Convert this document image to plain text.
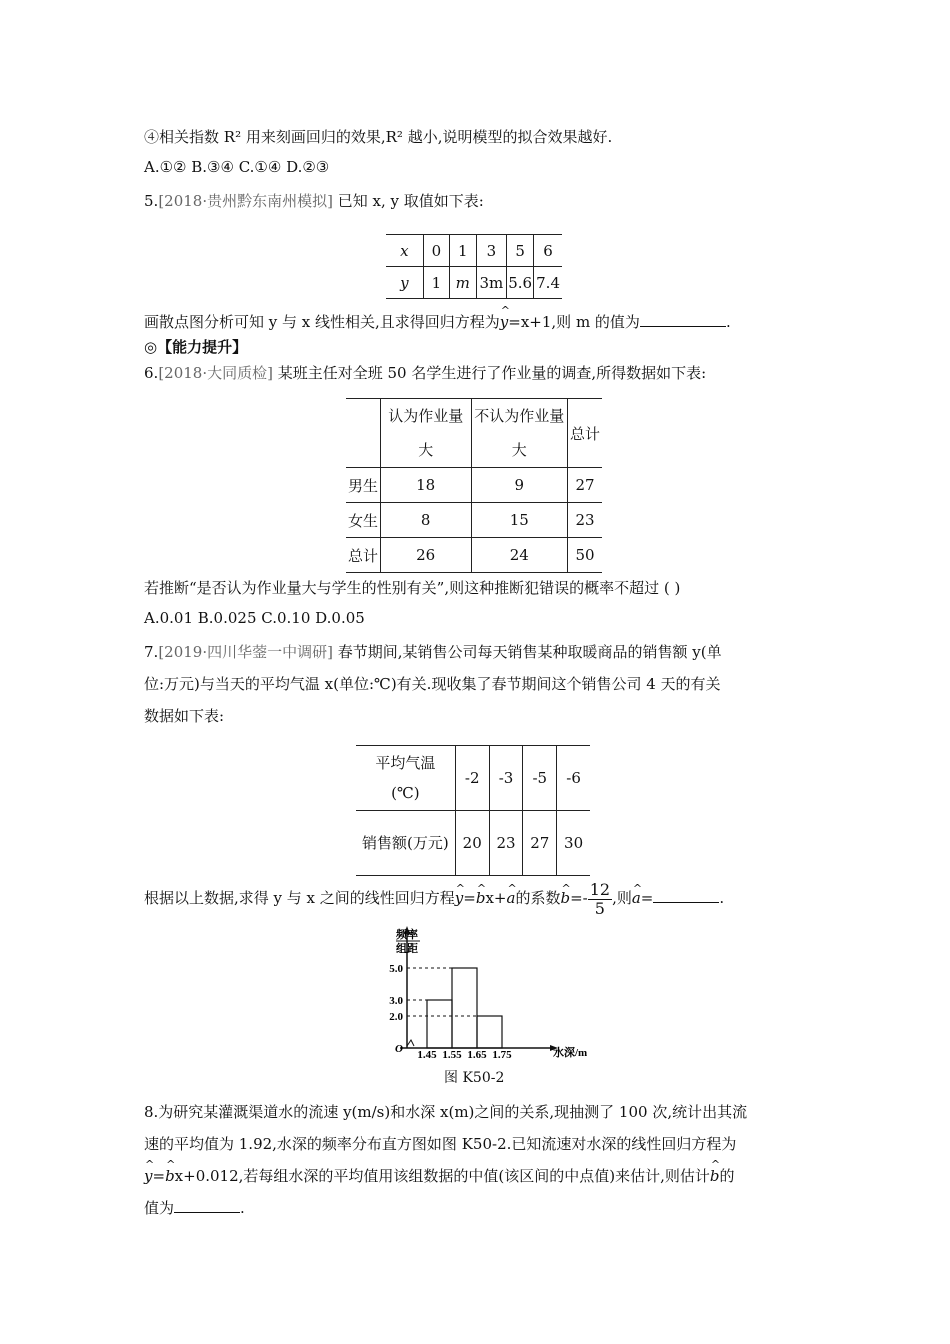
④相关指数 R² 用来刻画回归的效果,R² 越小,说明模型的拟合效果越好.
A.①② B.③④ C.①④ D.②③
5.[2018·贵州黔东南州模拟] 已知 x, y 取值如下表:
x	0	1	3	5	6
y	1	m	3m	5.6	7.4
画散点图分析可知 y 与 x 线性相关,且求得回归方程为y ^=x+1,则 m 的值为	.
◎【能力提升】
6.[2018·大同质检] 某班主任对全班 50 名学生进行了作业量的调查,所得数据如下表:
	认为作业量大	不认为作业量大	总计
男生	18	9	27
女生	8	15	23
总计	26	24	50
若推断“是否认为作业量大与学生的性别有关”,则这种推断犯错误的概率不超过 ( )
A.0.01 B.0.025 C.0.10 D.0.05
7.[2019·四川华蓥一中调研] 春节期间,某销售公司每天销售某种取暖商品的销售额 y(单
位:万元)与当天的平均气温 x(单位:℃)有关.现收集了春节期间这个销售公司 4 天的有关
数据如下表:
平均气温(℃)	-2	-3	-5	-6
销售额(万元)	20	23	27	30
根据以上数据,求得 y 与 x 之间的线性回归方程y ^=b ^x+a ^的系数b ^=- $\frac{12}{5}$ ,则a ^=	.
频率
组距
水深/m
O
5.0
3.0
2.0
1.45 1.55 1.65 1.75
图 K50-2
8.为研究某灌溉渠道水的流速 y(m/s)和水深 x(m)之间的关系,现抽测了 100 次,统计出其流
速的平均值为 1.92,水深的频率分布直方图如图 K50-2.已知流速对水深的线性回归方程为
y ^=b ^x+0.012,若每组水深的平均值用该组数据的中值(该区间的中点值)来估计,则估计b ^的
值为	.
